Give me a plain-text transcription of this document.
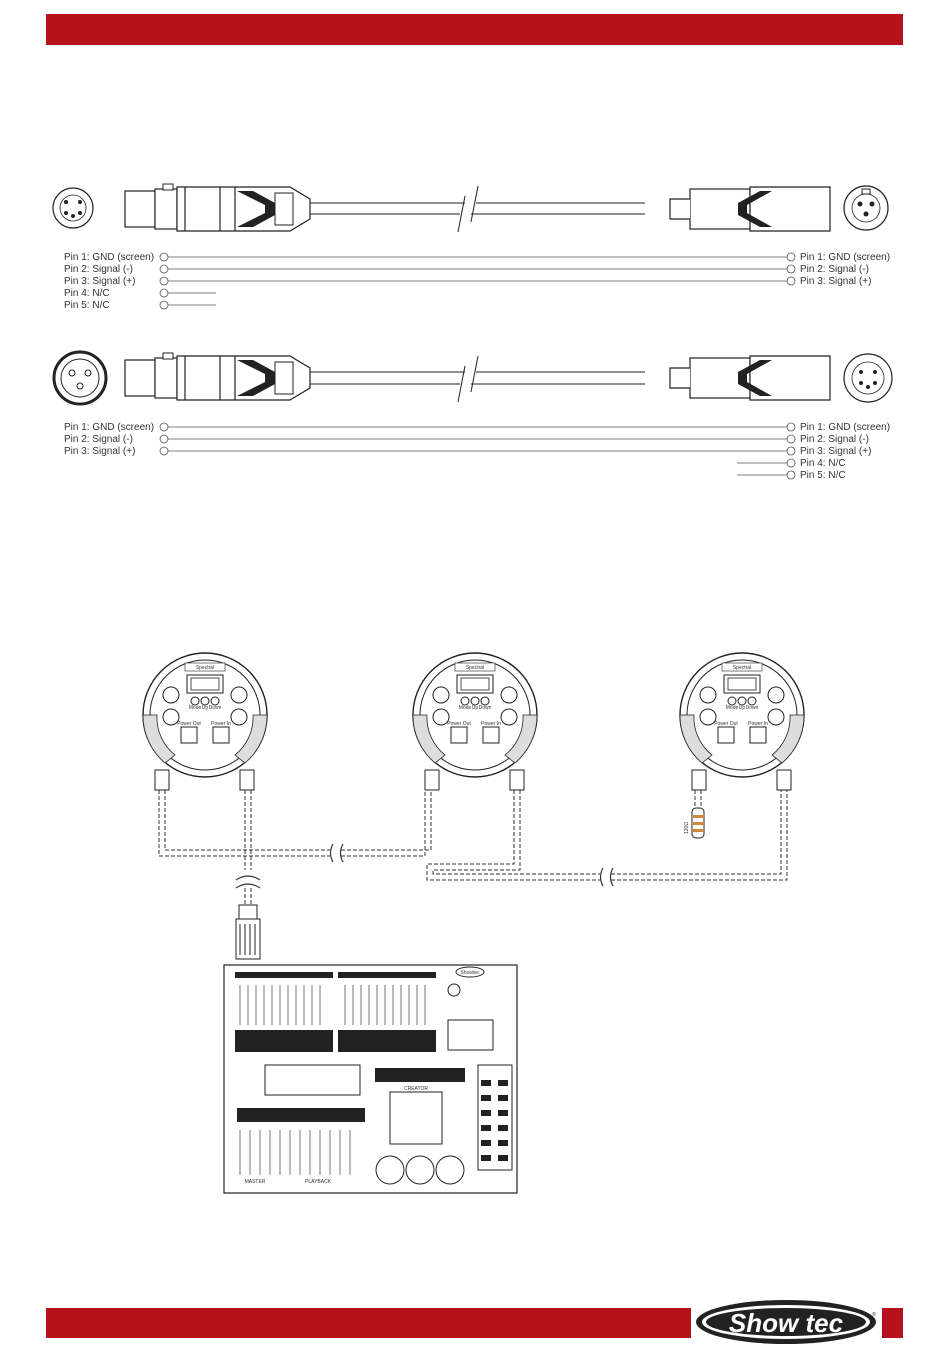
Pin 1: GND (screen)
Pin 2: Signal (-)
Pin 3: Signal (+)
Pin 4: N/C
Pin 5: N/C
Pin 1: GND (screen)
Pin 2: Signal (-)
Pin 3: Signal (+)
Pin 1: GND (screen)
Pin 2: Signal (-)
Pin 3: Signal (+)
Pin 1: GND (screen)
Pin 2: Signal (-)
Pin 3: Signal (+)
Pin 4: N/C
Pin 5: N/C
Spectral
Mode Up Down
Power Out Power In
Spectral
Mode Up Down
Power Out Power In
Spectral
Mode Up Down
Power Out Power In
120Ω
Showtec
CREATOR
MASTER	PLAYBACK
Show tec	®
